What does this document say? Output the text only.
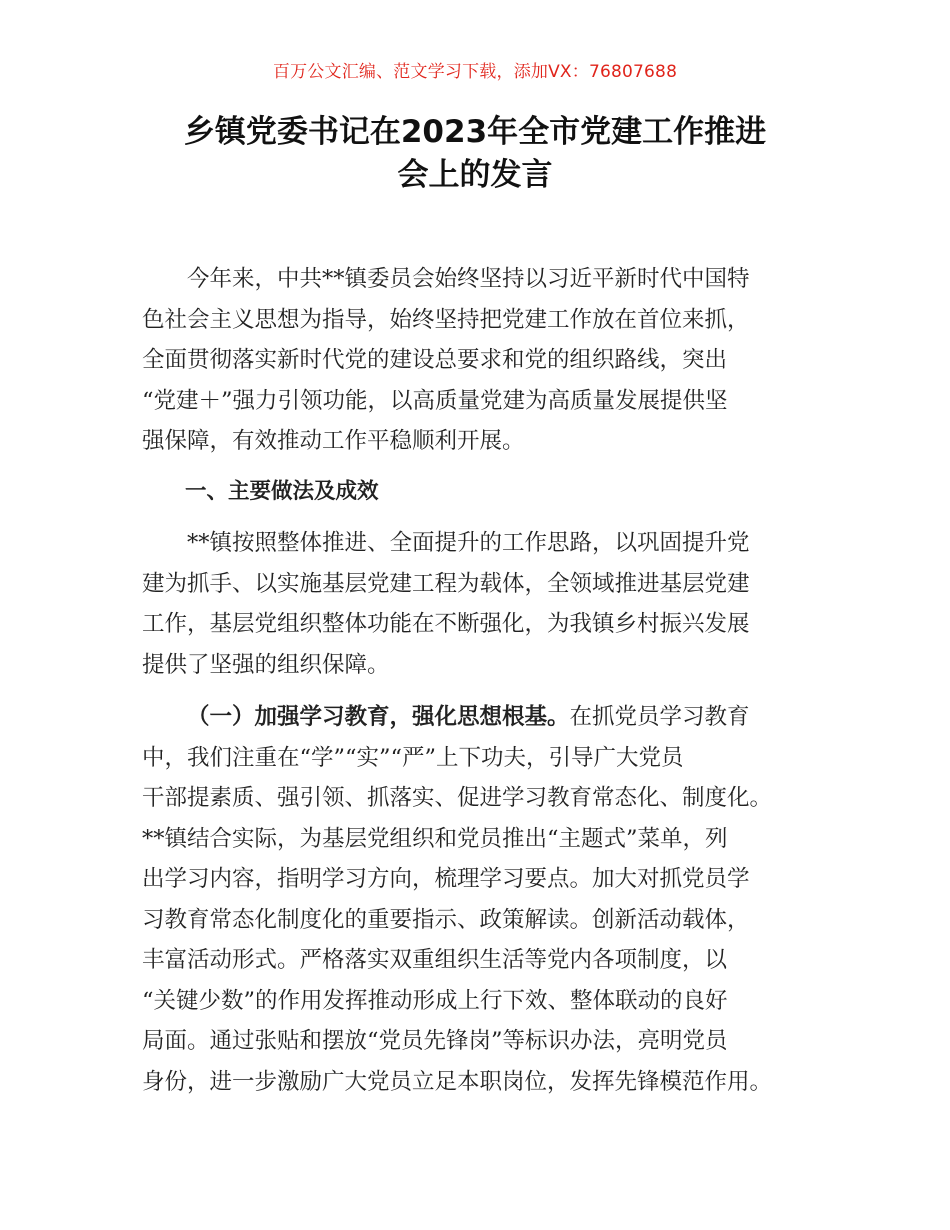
百万公文汇编、范文学习下载，添加VX：76807688
乡镇党委书记在2023年全市党建工作推进
会上的发言
今年来，中共**镇委员会始终坚持以习近平新时代中国特
色社会主义思想为指导，始终坚持把党建工作放在首位来抓，
全面贯彻落实新时代党的建设总要求和党的组织路线，突出
“党建＋”强力引领功能，以高质量党建为高质量发展提供坚
强保障，有效推动工作平稳顺利开展。
一、主要做法及成效
**镇按照整体推进、全面提升的工作思路，以巩固提升党
建为抓手、以实施基层党建工程为载体，全领域推进基层党建
工作，基层党组织整体功能在不断强化，为我镇乡村振兴发展
提供了坚强的组织保障。
（一）加强学习教育，强化思想根基。在抓党员学习教育
中，我们注重在“学”“实”“严”上下功夫，引导广大党员
干部提素质、强引领、抓落实、促进学习教育常态化、制度化。
**镇结合实际，为基层党组织和党员推出“主题式”菜单，列
出学习内容，指明学习方向，梳理学习要点。加大对抓党员学
习教育常态化制度化的重要指示、政策解读。创新活动载体，
丰富活动形式。严格落实双重组织生活等党内各项制度，以
“关键少数”的作用发挥推动形成上行下效、整体联动的良好
局面。通过张贴和摆放“党员先锋岗”等标识办法，亮明党员
身份，进一步激励广大党员立足本职岗位，发挥先锋模范作用。
